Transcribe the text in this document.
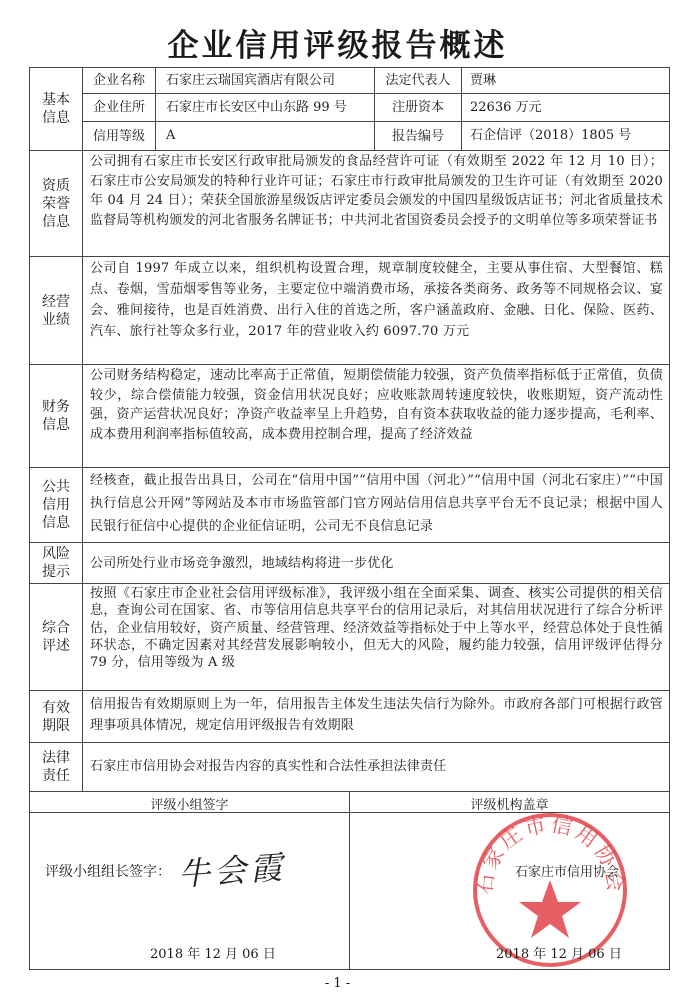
企业信用评级报告概述
基本
信息
企业名称	石家庄云瑞国宾酒店有限公司	法定代表人	贾琳
企业住所	石家庄市长安区中山东路 99 号	注册资本	22636 万元
信用等级	A	报告编号	石企信评（2018）1805 号
资质
荣誉
信息
公司拥有石家庄市长安区行政审批局颁发的食品经营许可证（有效期至 2022 年 12 月 10 日）；石家庄市公安局颁发的特种行业许可证；石家庄市行政审批局颁发的卫生许可证（有效期至 2020 年 04 月 24 日）；荣获全国旅游星级饭店评定委员会颁发的中国四星级饭店证书；河北省质量技术监督局等机构颁发的河北省服务名牌证书；中共河北省国资委员会授予的文明单位等多项荣誉证书
经营
业绩
公司自 1997 年成立以来，组织机构设置合理，规章制度较健全，主要从事住宿、大型餐馆、糕点、卷烟，雪茄烟零售等业务，主要定位中端消费市场，承接各类商务、政务等不同规格会议、宴会、雅间接待，也是百姓消费、出行入住的首选之所，客户涵盖政府、金融、日化、保险、医药、汽车、旅行社等众多行业，2017 年的营业收入约 6097.70 万元
财务
信息
公司财务结构稳定，速动比率高于正常值，短期偿债能力较强，资产负债率指标低于正常值，负债较少，综合偿债能力较强，资金信用状况良好；应收账款周转速度较快，收账期短，资产流动性强，资产运营状况良好；净资产收益率呈上升趋势，自有资本获取收益的能力逐步提高，毛利率、成本费用利润率指标值较高，成本费用控制合理，提高了经济效益
公共
信用
信息
经核查，截止报告出具日，公司在“信用中国”“信用中国（河北）”“信用中国（河北石家庄）”“中国执行信息公开网”等网站及本市市场监管部门官方网站信用信息共享平台无不良记录；根据中国人民银行征信中心提供的企业征信证明，公司无不良信息记录
风险
提示
公司所处行业市场竞争激烈，地域结构将进一步优化
综合
评述
按照《石家庄市企业社会信用评级标准》，我评级小组在全面采集、调查、核实公司提供的相关信息，查询公司在国家、省、市等信用信息共享平台的信用记录后，对其信用状况进行了综合分析评估，企业信用较好，资产质量、经营管理、经济效益等指标处于中上等水平，经营总体处于良性循环状态，不确定因素对其经营发展影响较小，但无大的风险，履约能力较强，信用评级评估得分 79 分，信用等级为 A 级
有效
期限
信用报告有效期原则上为一年，信用报告主体发生违法失信行为除外。市政府各部门可根据行政管理事项具体情况，规定信用评级报告有效期限
法律
责任
石家庄市信用协会对报告内容的真实性和合法性承担法律责任
评级小组签字	评级机构盖章
评级小组组长签字： 牛会霞
2018 年 12 月 06 日
石家庄市信用协会
石家庄市信用协会
2018 年 12 月 06 日
- 1 -
